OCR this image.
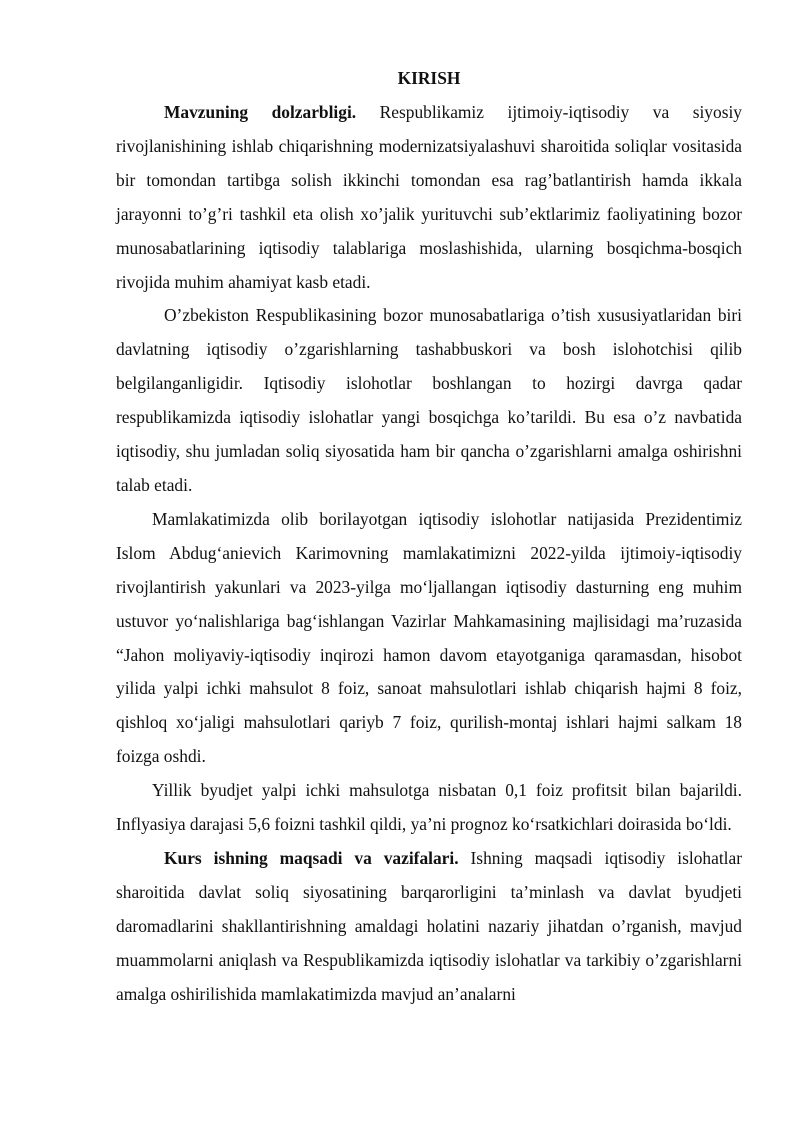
KIRISH

Mavzuning dolzarbligi. Respublikamiz ijtimoiy-iqtisodiy va siyosiy rivojlanishining ishlab chiqarishning modernizatsiyalashuvi sharoitida soliqlar vositasida bir tomondan tartibga solish ikkinchi tomondan esa rag’batlantirish hamda ikkala jarayonni to’g’ri tashkil eta olish xo’jalik yurituvchi sub’ektlarimiz faoliyatining bozor munosabatlarining iqtisodiy talablariga moslashishida, ularning bosqichma-bosqich rivojida muhim ahamiyat kasb etadi.

O’zbekiston Respublikasining bozor munosabatlariga o’tish xususiyatlaridan biri davlatning iqtisodiy o’zgarishlarning tashabbuskori va bosh islohotchisi qilib belgilanganligidir. Iqtisodiy islohotlar boshlangan to hozirgi davrga qadar respublikamizda iqtisodiy islohatlar yangi bosqichga ko’tarildi. Bu esa o’z navbatida iqtisodiy, shu jumladan soliq siyosatida ham bir qancha o’zgarishlarni amalga oshirishni talab etadi.

Mamlakatimizda olib borilayotgan iqtisodiy islohotlar natijasida Prezidentimiz Islom Abdug‘anievich Karimovning mamlakatimizni 2022-yilda ijtimoiy-iqtisodiy rivojlantirish yakunlari va 2023-yilga mo‘ljallangan iqtisodiy dasturning eng muhim ustuvor yo‘nalishlariga bag‘ishlangan Vazirlar Mahkamasining majlisidagi ma’ruzasida “Jahon moliyaviy-iqtisodiy inqirozi hamon davom etayotganiga qaramasdan, hisobot yilida yalpi ichki mahsulot 8 foiz, sanoat mahsulotlari ishlab chiqarish hajmi 8 foiz, qishloq xo‘jaligi mahsulotlari qariyb 7 foiz, qurilish-montaj ishlari hajmi salkam 18 foizga oshdi.

Yillik byudjet yalpi ichki mahsulotga nisbatan 0,1 foiz profitsit bilan bajarildi. Inflyasiya darajasi 5,6 foizni tashkil qildi, ya’ni prognoz ko‘rsatkichlari doirasida bo‘ldi.

Kurs ishning maqsadi va vazifalari. Ishning maqsadi iqtisodiy islohatlar sharoitida davlat soliq siyosatining barqarorligini ta’minlash va davlat byudjeti daromadlarini shakllantirishning amaldagi holatini nazariy jihatdan o’rganish, mavjud muammolarni aniqlash va Respublikamizda iqtisodiy islohatlar va tarkibiy o’zgarishlarni amalga oshirilishida mamlakatimizda mavjud an’analarni
